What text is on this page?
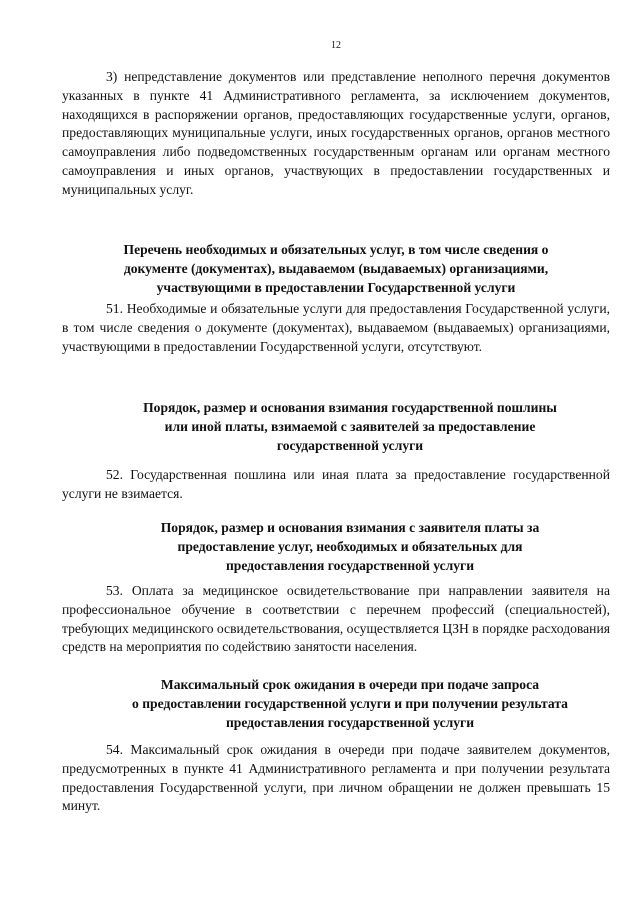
12

3) непредставление документов или представление неполного перечня документов указанных в пункте 41 Административного регламента, за исключением документов, находящихся в распоряжении органов, предоставляющих государственные услуги, органов, предоставляющих муниципальные услуги, иных государственных органов, органов местного самоуправления либо подведомственных государственным органам или органам местного самоуправления и иных органов, участвующих в предоставлении государственных и муниципальных услуг.

Перечень необходимых и обязательных услуг, в том числе сведения о
документе (документах), выдаваемом (выдаваемых) организациями,
участвующими в предоставлении Государственной услуги

51. Необходимые и обязательные услуги для предоставления Государственной услуги, в том числе сведения о документе (документах), выдаваемом (выдаваемых) организациями, участвующими в предоставлении Государственной услуги, отсутствуют.

Порядок, размер и основания взимания государственной пошлины
или иной платы, взимаемой с заявителей за предоставление
государственной услуги

52. Государственная пошлина или иная плата за предоставление государственной услуги не взимается.

Порядок, размер и основания взимания с заявителя платы за
предоставление услуг, необходимых и обязательных для
предоставления государственной услуги

53. Оплата за медицинское освидетельствование при направлении заявителя на профессиональное обучение в соответствии с перечнем профессий (специальностей), требующих медицинского освидетельствования, осуществляется ЦЗН в порядке расходования средств на мероприятия по содействию занятости населения.

Максимальный срок ожидания в очереди при подаче запроса
о предоставлении государственной услуги и при получении результата
предоставления государственной услуги

54. Максимальный срок ожидания в очереди при подаче заявителем документов, предусмотренных в пункте 41 Административного регламента и при получении результата предоставления Государственной услуги, при личном обращении не должен превышать 15 минут.
